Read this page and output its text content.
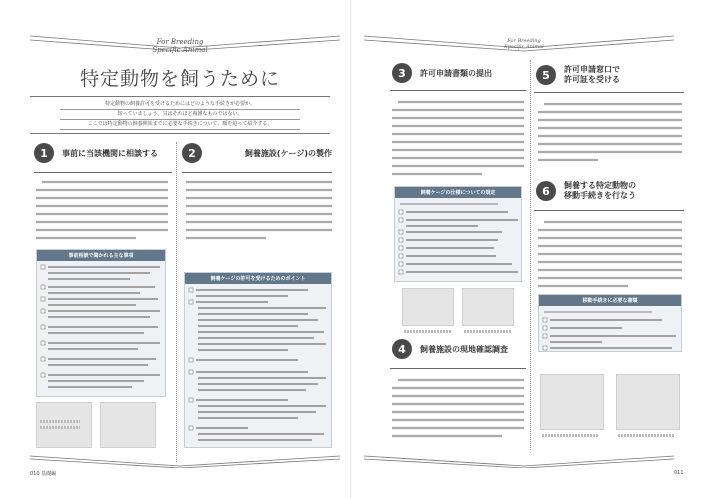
For Breeding
Specific Animal
特定動物を飼うために
特定動物の飼養許可を受けるためにはどのような手続きが必要か。
知っていましょう。気はそれほど複雑なものではない。
ここでは特定動物の飼養開始までに必要な手続きについて、順を追って紹介する。
1	事前に当該機関に相談する
事前相談で聞かれる主な事項
2	飼養施設(ケージ)の製作
飼養ケージの許可を受けるためのポイント
010 基礎編
For Breeding
Specific Animal
3	許可申請書類の提出
飼養ケージの仕様についての規定
4	飼養施設の現地確認調査
5	許可申請窓口で
許可証を受ける
6	飼養する特定動物の
移動手続きを行なう
移動手続きに必要な書類
011
